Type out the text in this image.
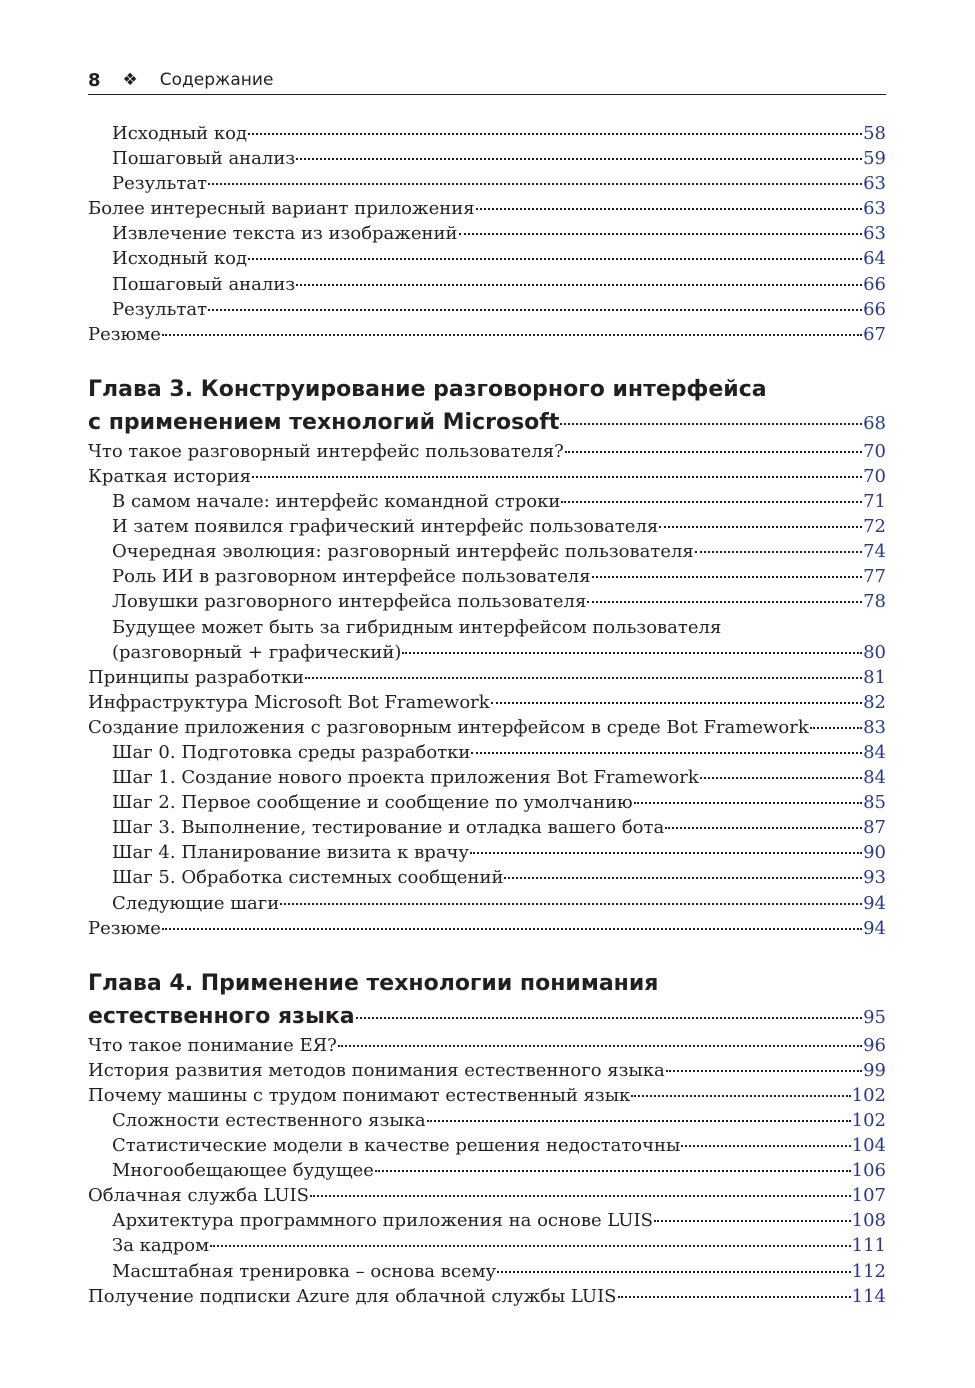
8 ❖ Содержание
Исходный код	58
Пошаговый анализ	59
Результат	63
Более интересный вариант приложения	63
Извлечение текста из изображений	63
Исходный код	64
Пошаговый анализ	66
Результат	66
Резюме	67
Глава 3. Конструирование разговорного интерфейса
с применением технологий Microsoft	68
Что такое разговорный интерфейс пользователя?	70
Краткая история	70
В самом начале: интерфейс командной строки	71
И затем появился графический интерфейс пользователя	72
Очередная эволюция: разговорный интерфейс пользователя	74
Роль ИИ в разговорном интерфейсе пользователя	77
Ловушки разговорного интерфейса пользователя	78
Будущее может быть за гибридным интерфейсом пользователя
(разговорный + графический)	80
Принципы разработки	81
Инфраструктура Microsoft Bot Framework	82
Создание приложения с разговорным интерфейсом в среде Bot Framework	83
Шаг 0. Подготовка среды разработки	84
Шаг 1. Создание нового проекта приложения Bot Framework	84
Шаг 2. Первое сообщение и сообщение по умолчанию	85
Шаг 3. Выполнение, тестирование и отладка вашего бота	87
Шаг 4. Планирование визита к врачу	90
Шаг 5. Обработка системных сообщений	93
Следующие шаги	94
Резюме	94
Глава 4. Применение технологии понимания
естественного языка	95
Что такое понимание ЕЯ?	96
История развития методов понимания естественного языка	99
Почему машины с трудом понимают естественный язык	102
Сложности естественного языка	102
Статистические модели в качестве решения недостаточны	104
Многообещающее будущее	106
Облачная служба LUIS	107
Архитектура программного приложения на основе LUIS	108
За кадром	111
Масштабная тренировка – основа всему	112
Получение подписки Azure для облачной службы LUIS	114
